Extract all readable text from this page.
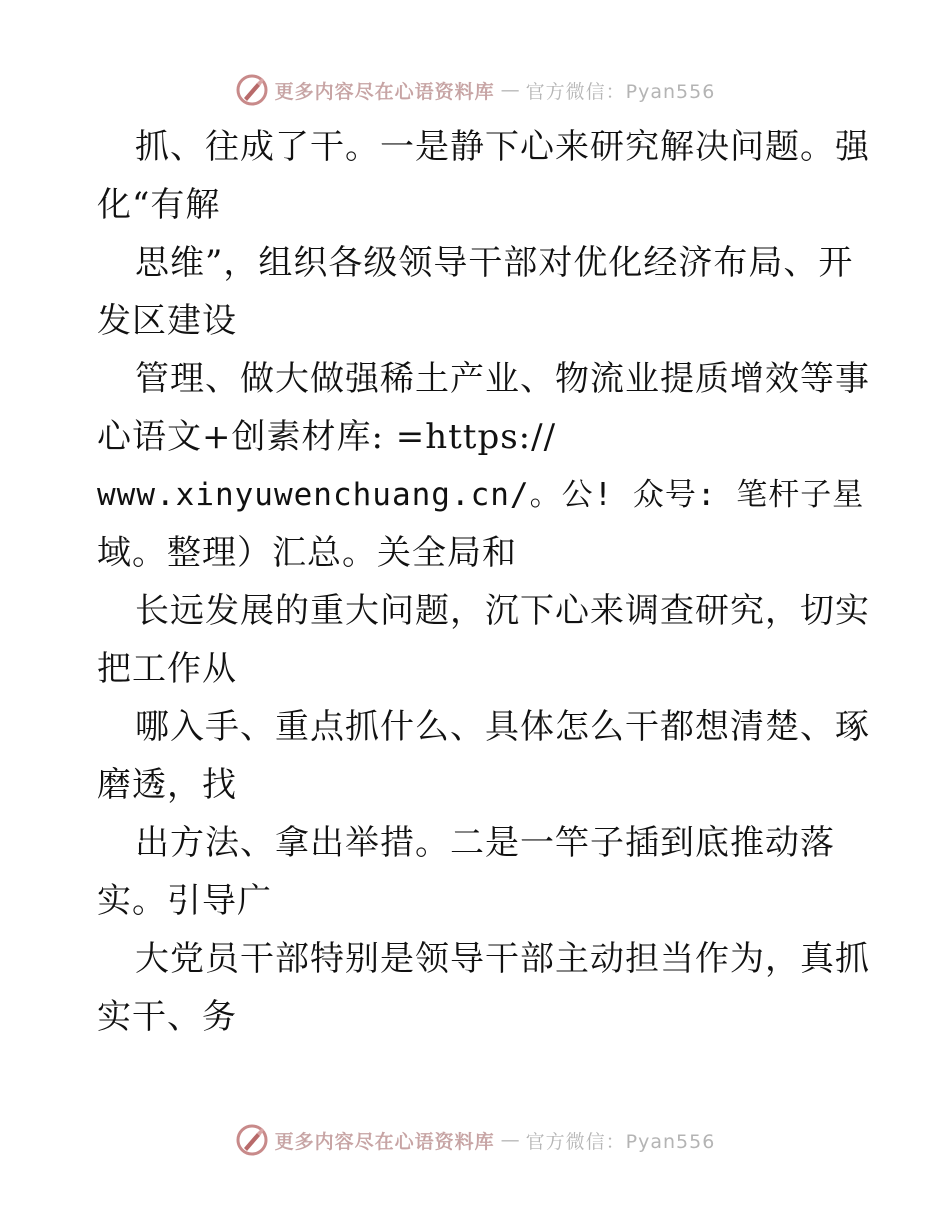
更多内容尽在心语资料库 — 官方微信：Pyan556
抓、往成了干。一是静下心来研究解决问题。强
化“有解
思维”，组织各级领导干部对优化经济布局、开
发区建设
管理、做大做强稀土产业、物流业提质增效等事
心语文+创素材库: =https://
www.xinyuwenchuang.cn/。公! 众号: 笔杆子星
域。整理）汇总。关全局和
长远发展的重大问题，沉下心来调查研究，切实
把工作从
哪入手、重点抓什么、具体怎么干都想清楚、琢
磨透，找
出方法、拿出举措。二是一竿子插到底推动落
实。引导广
大党员干部特别是领导干部主动担当作为，真抓
实干、务
更多内容尽在心语资料库 — 官方微信：Pyan556
